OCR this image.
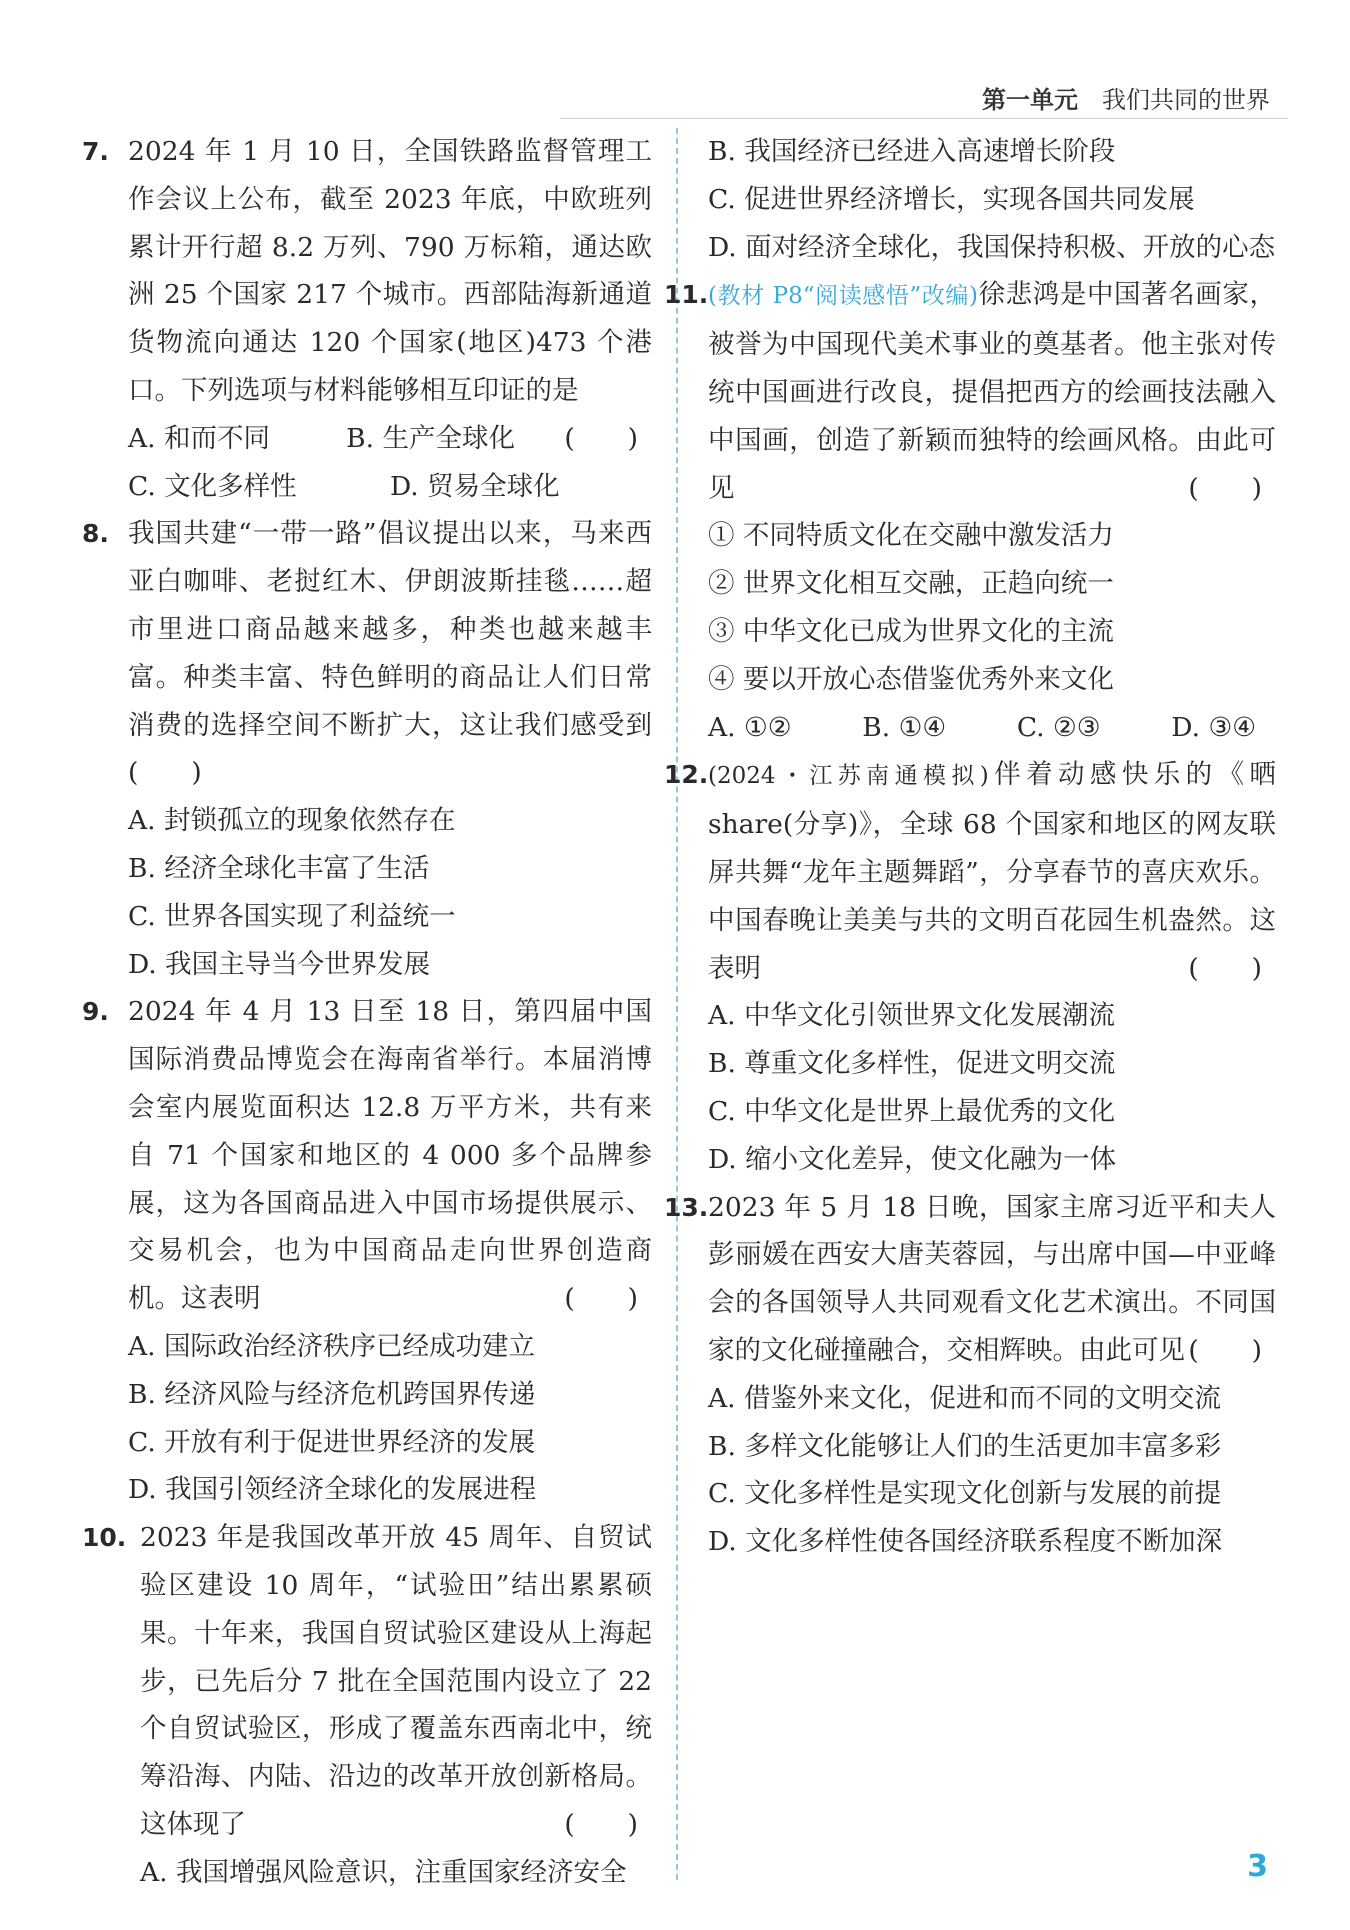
第一单元 我们共同的世界
7. 2024 年 1 月 10 日，全国铁路监督管理工作会议上公布，截至 2023 年底，中欧班列累计开行超 8.2 万列、790 万标箱，通达欧洲 25 个国家 217 个城市。西部陆海新通道货物流向通达 120 个国家(地区)473 个港口。下列选项与材料能够相互印证的是
(　　)
A. 和而不同	B. 生产全球化
C. 文化多样性	D. 贸易全球化
8. 我国共建“一带一路”倡议提出以来，马来西亚白咖啡、老挝红木、伊朗波斯挂毯……超市里进口商品越来越多，种类也越来越丰富。种类丰富、特色鲜明的商品让人们日常消费的选择空间不断扩大，这让我们感受到(　　)
A. 封锁孤立的现象依然存在
B. 经济全球化丰富了生活
C. 世界各国实现了利益统一
D. 我国主导当今世界发展
9. 2024 年 4 月 13 日至 18 日，第四届中国国际消费品博览会在海南省举行。本届消博会室内展览面积达 12.8 万平方米，共有来自 71 个国家和地区的 4 000 多个品牌参展，这为各国商品进入中国市场提供展示、交易机会，也为中国商品走向世界创造商机。这表明	(　　)
A. 国际政治经济秩序已经成功建立
B. 经济风险与经济危机跨国界传递
C. 开放有利于促进世界经济的发展
D. 我国引领经济全球化的发展进程
10. 2023 年是我国改革开放 45 周年、自贸试验区建设 10 周年，“试验田”结出累累硕果。十年来，我国自贸试验区建设从上海起步，已先后分 7 批在全国范围内设立了 22 个自贸试验区，形成了覆盖东西南北中，统筹沿海、内陆、沿边的改革开放创新格局。这体现了	(　　)
A. 我国增强风险意识，注重国家经济安全
B. 我国经济已经进入高速增长阶段
C. 促进世界经济增长，实现各国共同发展
D. 面对经济全球化，我国保持积极、开放的心态
11. (教材 P8“阅读感悟”改编)徐悲鸿是中国著名画家，被誉为中国现代美术事业的奠基者。他主张对传统中国画进行改良，提倡把西方的绘画技法融入中国画，创造了新颖而独特的绘画风格。由此可见	(　　)
① 不同特质文化在交融中激发活力
② 世界文化相互交融，正趋向统一
③ 中华文化已成为世界文化的主流
④ 要以开放心态借鉴优秀外来文化
A. ①②	B. ①④	C. ②③	D. ③④
12. (2024・江苏南通模拟)伴着动感快乐的《晒 share(分享)》，全球 68 个国家和地区的网友联屏共舞“龙年主题舞蹈”，分享春节的喜庆欢乐。中国春晚让美美与共的文明百花园生机盎然。这表明	(　　)
A. 中华文化引领世界文化发展潮流
B. 尊重文化多样性，促进文明交流
C. 中华文化是世界上最优秀的文化
D. 缩小文化差异，使文化融为一体
13. 2023 年 5 月 18 日晚，国家主席习近平和夫人彭丽媛在西安大唐芙蓉园，与出席中国—中亚峰会的各国领导人共同观看文化艺术演出。不同国家的文化碰撞融合，交相辉映。由此可见 (　　)
A. 借鉴外来文化，促进和而不同的文明交流
B. 多样文化能够让人们的生活更加丰富多彩
C. 文化多样性是实现文化创新与发展的前提
D. 文化多样性使各国经济联系程度不断加深
3
